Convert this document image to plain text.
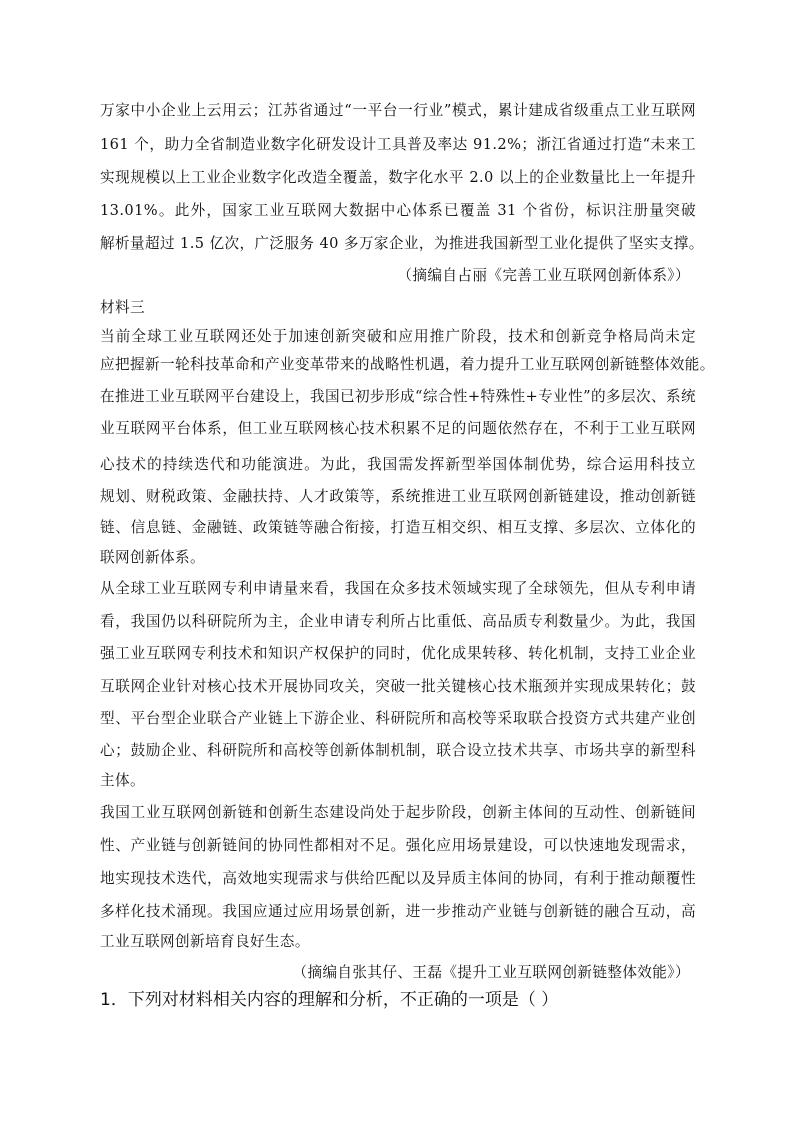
万家中小企业上云用云；江苏省通过“一平台一行业”模式，累计建成省级重点工业互联网
161 个，助力全省制造业数字化研发设计工具普及率达 91.2%；浙江省通过打造“未来工
实现规模以上工业企业数字化改造全覆盖，数字化水平 2.0 以上的企业数量比上一年提升
13.01%。此外，国家工业互联网大数据中心体系已覆盖 31 个省份，标识注册量突破
解析量超过 1.5 亿次，广泛服务 40 多万家企业，为推进我国新型工业化提供了坚实支撑。
（摘编自占丽《完善工业互联网创新体系》）
材料三
当前全球工业互联网还处于加速创新突破和应用推广阶段，技术和创新竞争格局尚未定
应把握新一轮科技革命和产业变革带来的战略性机遇，着力提升工业互联网创新链整体效能。
在推进工业互联网平台建设上，我国已初步形成“综合性+特殊性+专业性”的多层次、系统
业互联网平台体系，但工业互联网核心技术积累不足的问题依然存在，不利于工业互联网
心技术的持续迭代和功能演进。为此，我国需发挥新型举国体制优势，综合运用科技立
规划、财税政策、金融扶持、人才政策等，系统推进工业互联网创新链建设，推动创新链
链、信息链、金融链、政策链等融合衔接，打造互相交织、相互支撑、多层次、立体化的
联网创新体系。
从全球工业互联网专利申请量来看，我国在众多技术领域实现了全球领先，但从专利申请
看，我国仍以科研院所为主，企业申请专利所占比重低、高品质专利数量少。为此，我国
强工业互联网专利技术和知识产权保护的同时，优化成果转移、转化机制，支持工业企业
互联网企业针对核心技术开展协同攻关，突破一批关键核心技术瓶颈并实现成果转化；鼓
型、平台型企业联合产业链上下游企业、科研院所和高校等采取联合投资方式共建产业创
心；鼓励企业、科研院所和高校等创新体制机制，联合设立技术共享、市场共享的新型科
主体。
我国工业互联网创新链和创新生态建设尚处于起步阶段，创新主体间的互动性、创新链间
性、产业链与创新链间的协同性都相对不足。强化应用场景建设，可以快速地发现需求，
地实现技术迭代，高效地实现需求与供给匹配以及异质主体间的协同，有利于推动颠覆性
多样化技术涌现。我国应通过应用场景创新，进一步推动产业链与创新链的融合互动，高
工业互联网创新培育良好生态。
（摘编自张其仔、王磊《提升工业互联网创新链整体效能》）
1．下列对材料相关内容的理解和分析，不正确的一项是（ ）
